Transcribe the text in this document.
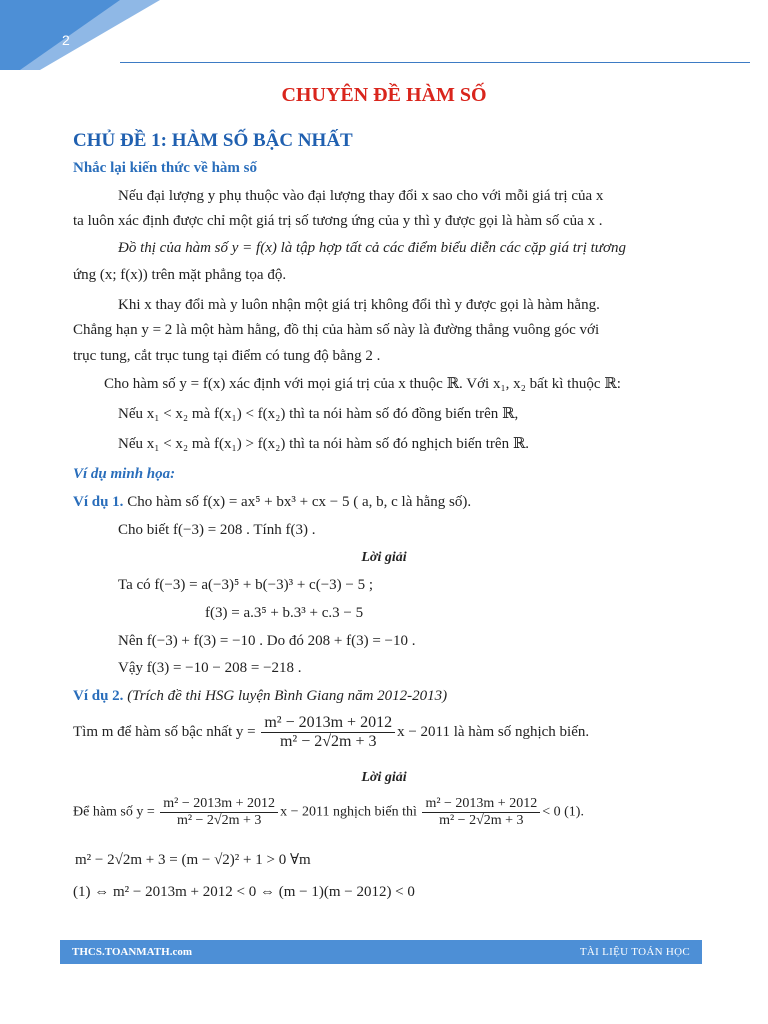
2
CHUYÊN ĐỀ HÀM SỐ
CHỦ ĐỀ 1: HÀM SỐ BẬC NHẤT
Nhắc lại kiến thức về hàm số
Nếu đại lượng y phụ thuộc vào đại lượng thay đổi x sao cho với mỗi giá trị của x
ta luôn xác định được chỉ một giá trị số tương ứng của y thì y được gọi là hàm số của x .
Đồ thị của hàm số y = f(x) là tập hợp tất cả các điểm biểu diễn các cặp giá trị tương
ứng (x; f(x)) trên mặt phẳng tọa độ.
Khi x thay đổi mà y luôn nhận một giá trị không đổi thì y được gọi là hàm hằng.
Chẳng hạn y = 2 là một hàm hằng, đồ thị của hàm số này là đường thẳng vuông góc với
trục tung, cắt trục tung tại điểm có tung độ bằng 2 .
Cho hàm số y = f(x) xác định với mọi giá trị của x thuộc ℝ. Với x₁, x₂ bất kì thuộc ℝ:
Nếu x₁ < x₂ mà f(x₁) < f(x₂) thì ta nói hàm số đó đồng biến trên ℝ,
Nếu x₁ < x₂ mà f(x₁) > f(x₂) thì ta nói hàm số đó nghịch biến trên ℝ.
Ví dụ minh họa:
Ví dụ 1. Cho hàm số f(x) = ax⁵ + bx³ + cx − 5 ( a, b, c là hằng số).
Cho biết f(−3) = 208 . Tính f(3) .
Lời giải
Ta có f(−3) = a(−3)⁵ + b(−3)³ + c(−3) − 5 ;
f(3) = a.3⁵ + b.3³ + c.3 − 5
Nên f(−3) + f(3) = −10 . Do đó 208 + f(3) = −10 .
Vậy f(3) = −10 − 208 = −218 .
Ví dụ 2. (Trích đề thi HSG luyện Bình Giang năm 2012-2013)
Tìm m để hàm số bậc nhất $y = \frac{\text{m² − 2013m + 2012}}{\text{m² − 2√2m + 3}}$ x − 2011 là hàm số nghịch biến.
Lời giải
Để hàm số $y = \frac{\text{m² − 2013m + 2012}}{\text{m² − 2√2m + 3}}$ x − 2011 nghịch biến thì $\frac{\text{m² − 2013m + 2012}}{\text{m² − 2√2m + 3}} < 0$ (1).
m² − 2√2m + 3 = (m − √2)² + 1 > 0 ∀m
(1) ⇔ m² − 2013m + 2012 < 0 ⇔ (m − 1)(m − 2012) < 0
THCS.TOANMATH.com	TÀI LIỆU TOÁN HỌC
